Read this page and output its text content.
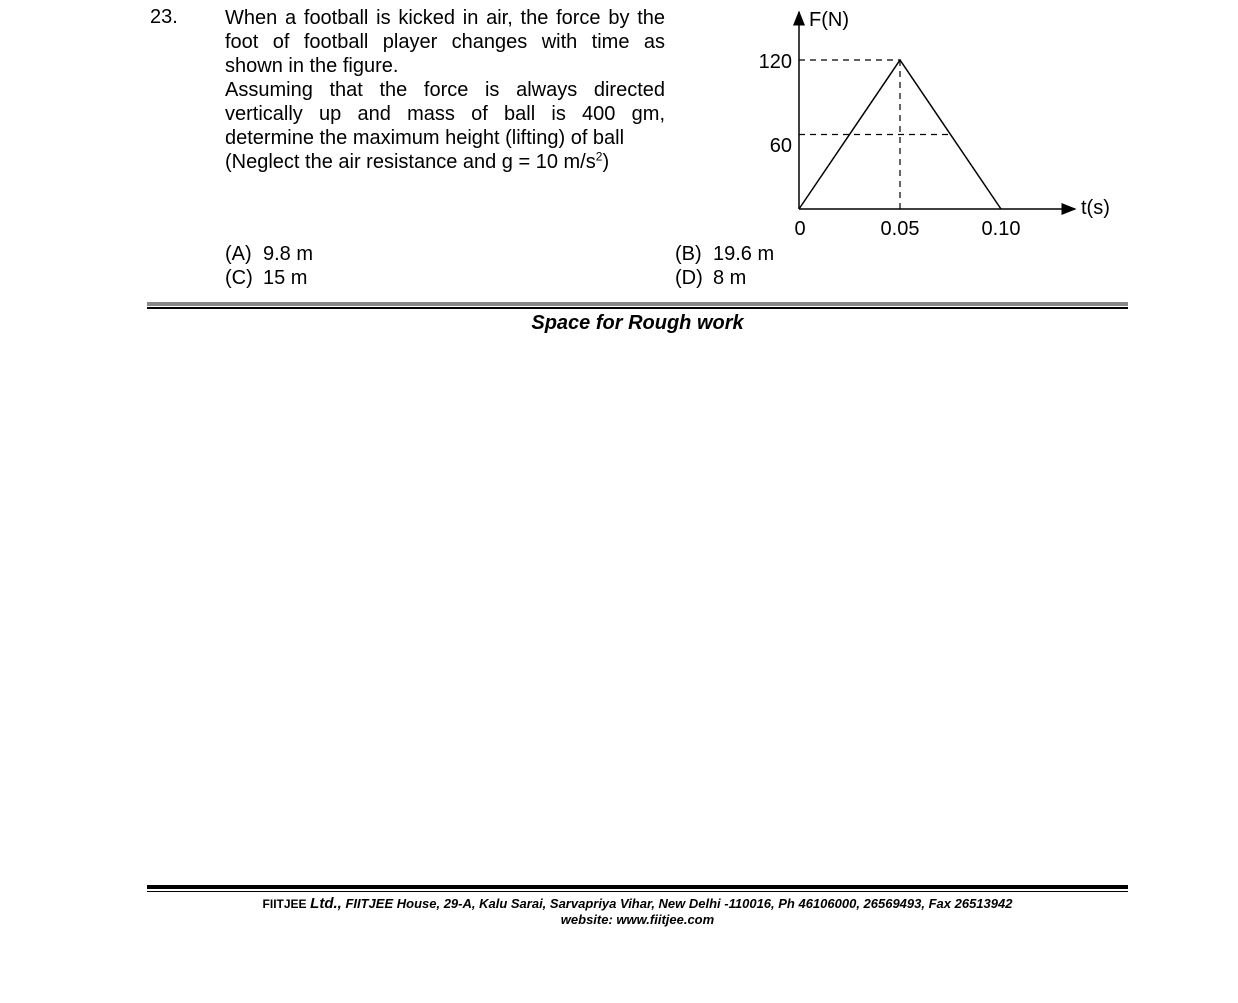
23. When a football is kicked in air, the force by the foot of football player changes with time as shown in the figure.

Assuming that the force is always directed vertically up and mass of ball is 400 gm, determine the maximum height (lifting) of ball

(Neglect the air resistance and g = 10 $m/s^2$)

(A) 9.8 m	(B) 19.6 m
(C) 15 m	(D) 8 m
F(N)
t(s)
120
60
0	0.05	0.10
Space for Rough work
FIITJEE Ltd., FIITJEE House, 29-A, Kalu Sarai, Sarvapriya Vihar, New Delhi -110016, Ph 46106000, 26569493, Fax 26513942
website: www.fiitjee.com
